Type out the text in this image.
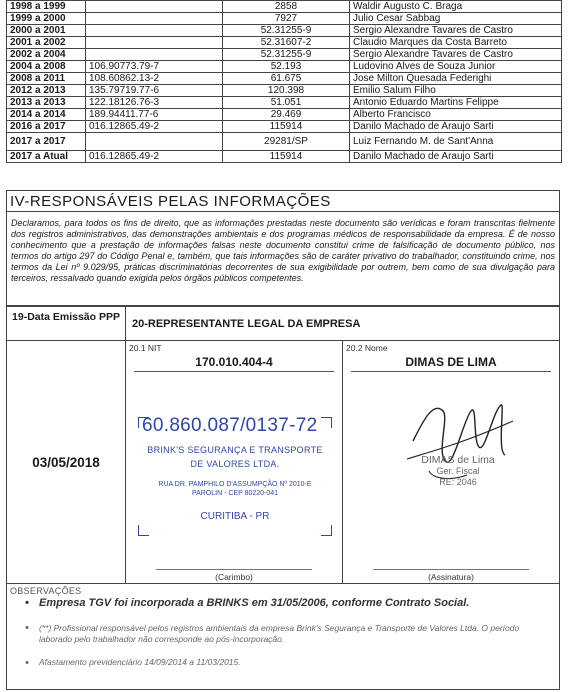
1998 a 1999		2858	Waldir Augusto C. Braga
1999 a 2000		7927	Julio Cesar Sabbag
2000 a 2001		52.31255-9	Sergio Alexandre Tavares de Castro
2001 a 2002		52.31607-2	Claudio Marques da Costa Barreto
2002 a 2004		52.31255-9	Sergio Alexandre Tavares de Castro
2004 a 2008	106.90773.79-7	52.193	Ludovino Alves de Souza Junior
2008 a 2011	108.60862.13-2	61.675	Jose Milton Quesada Federighi
2012 a 2013	135.79719.77-6	120.398	Emilio Salum Filho
2013 a 2013	122.18126.76-3	51.051	Antonio Eduardo Martins Felippe
2014 a 2014	189.94411.77-6	29.469	Alberto Francisco
2016 a 2017	016.12865.49-2	115914	Danilo Machado de Araujo Sarti
2017 a 2017		29281/SP	Luiz Fernando M. de Sant'Anna
2017 a Atual	016.12865.49-2	115914	Danilo Machado de Araujo Sarti
IV-RESPONSÁVEIS PELAS INFORMAÇÕES
Declaramos, para todos os fins de direito, que as informações prestadas neste documento são verídicas e foram transcritas fielmente dos registros administrativos, das demonstrações ambientais e dos programas médicos de responsabilidade da empresa. É de nosso conhecimento que a prestação de informações falsas neste documento constitui crime de falsificação de documento público, nos termos do artigo 297 do Código Penal e, também, que tais informações são de caráter privativo do trabalhador, constituindo crime, nos termos da Lei nº 9.029/95, práticas discriminatórias decorrentes de sua exigibilidade por outrem, bem como de sua divulgação para terceiros, ressalvado quando exigida pelos órgãos públicos competentes.
19-Data Emissão PPP
03/05/2018
20-REPRESENTANTE LEGAL DA EMPRESA
20.1 NIT
170.010.404-4
60.860.087/0137-72
BRINK'S SEGURANÇA E TRANSPORTE
DE VALORES LTDA.
RUA DR. PAMPHILO D'ASSUMPÇÃO Nº 2010-E
PAROLIN - CEP 80220-041
CURITIBA - PR
(Carimbo)
20.2 Nome
DIMAS DE LIMA
DIMAS de Lima
Ger. Fiscal
RE: 2046
(Assinatura)
OBSERVAÇÕES
• Empresa TGV foi incorporada a BRINKS em 31/05/2006, conforme Contrato Social.
• (**) Profissional responsável pelos registros ambientais da empresa Brink's Segurança e Transporte de Valores Ltda. O período laborado pelo trabalhador não corresponde ao pós-incorporação.
• Afastamento previdenciário 14/09/2014 a 11/03/2015.
